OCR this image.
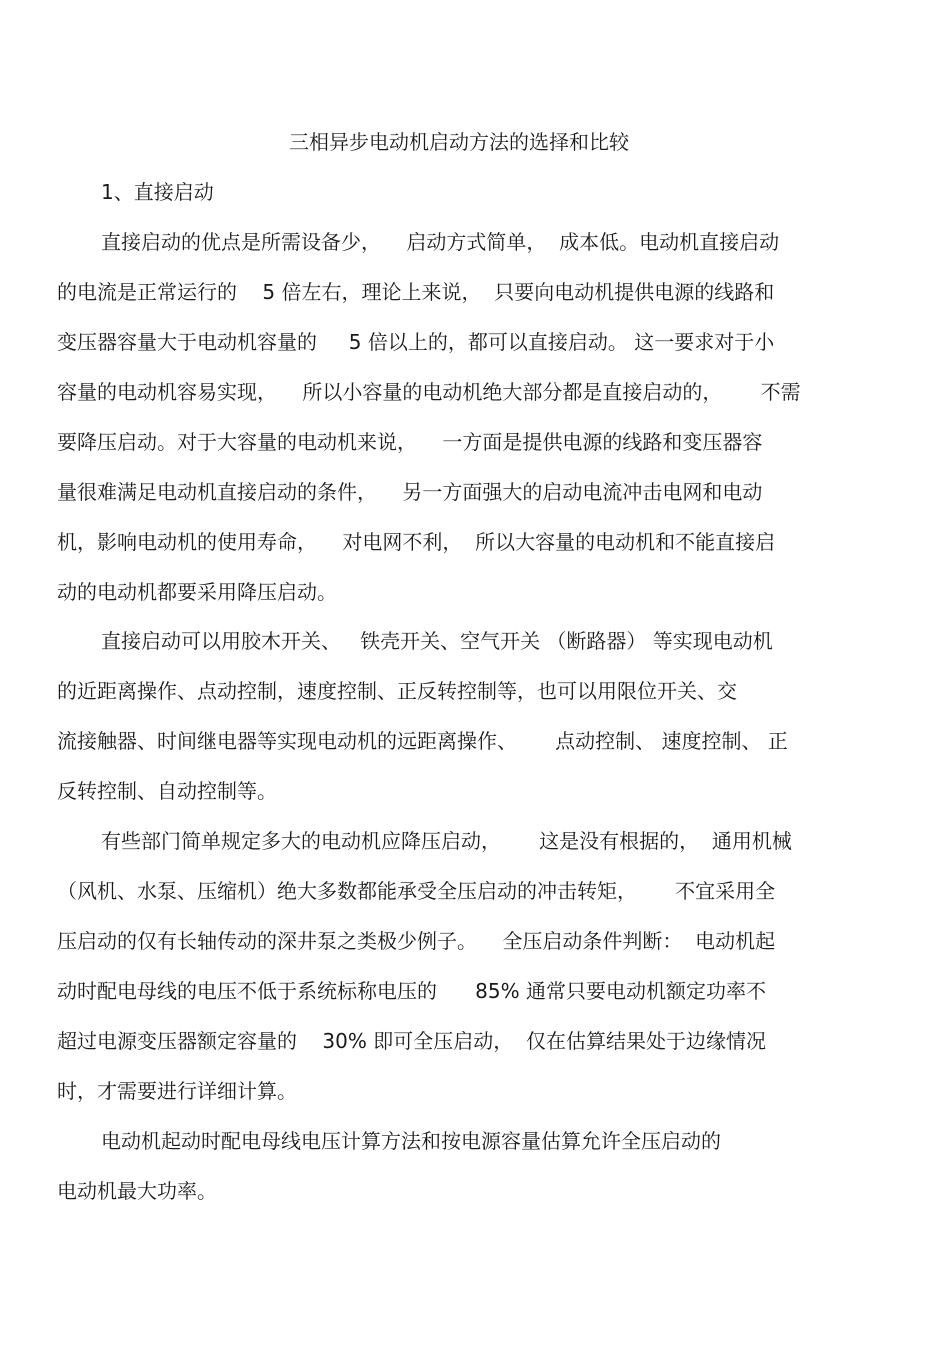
三相异步电动机启动方法的选择和比较

1、直接启动

直接启动的优点是所需设备少，    启动方式简单，  成本低。电动机直接启动

的电流是正常运行的    5 倍左右，理论上来说，  只要向电动机提供电源的线路和

变压器容量大于电动机容量的     5 倍以上的，都可以直接启动。 这一要求对于小

容量的电动机容易实现，    所以小容量的电动机绝大部分都是直接启动的，      不需

要降压启动。对于大容量的电动机来说，    一方面是提供电源的线路和变压器容

量很难满足电动机直接启动的条件，    另一方面强大的启动电流冲击电网和电动

机，影响电动机的使用寿命，    对电网不利，  所以大容量的电动机和不能直接启

动的电动机都要采用降压启动。

直接启动可以用胶木开关、   铁壳开关、空气开关 （断路器） 等实现电动机

的近距离操作、点动控制，速度控制、正反转控制等，也可以用限位开关、交

流接触器、时间继电器等实现电动机的远距离操作、      点动控制、 速度控制、 正

反转控制、自动控制等。

有些部门简单规定多大的电动机应降压启动，      这是没有根据的，  通用机械

（风机、水泵、压缩机）绝大多数都能承受全压启动的冲击转矩，      不宜采用全

压启动的仅有长轴传动的深井泵之类极少例子。    全压启动条件判断：  电动机起

动时配电母线的电压不低于系统标称电压的      85% 通常只要电动机额定功率不

超过电源变压器额定容量的    30% 即可全压启动，  仅在估算结果处于边缘情况

时，才需要进行详细计算。

电动机起动时配电母线电压计算方法和按电源容量估算允许全压启动的

电动机最大功率。
